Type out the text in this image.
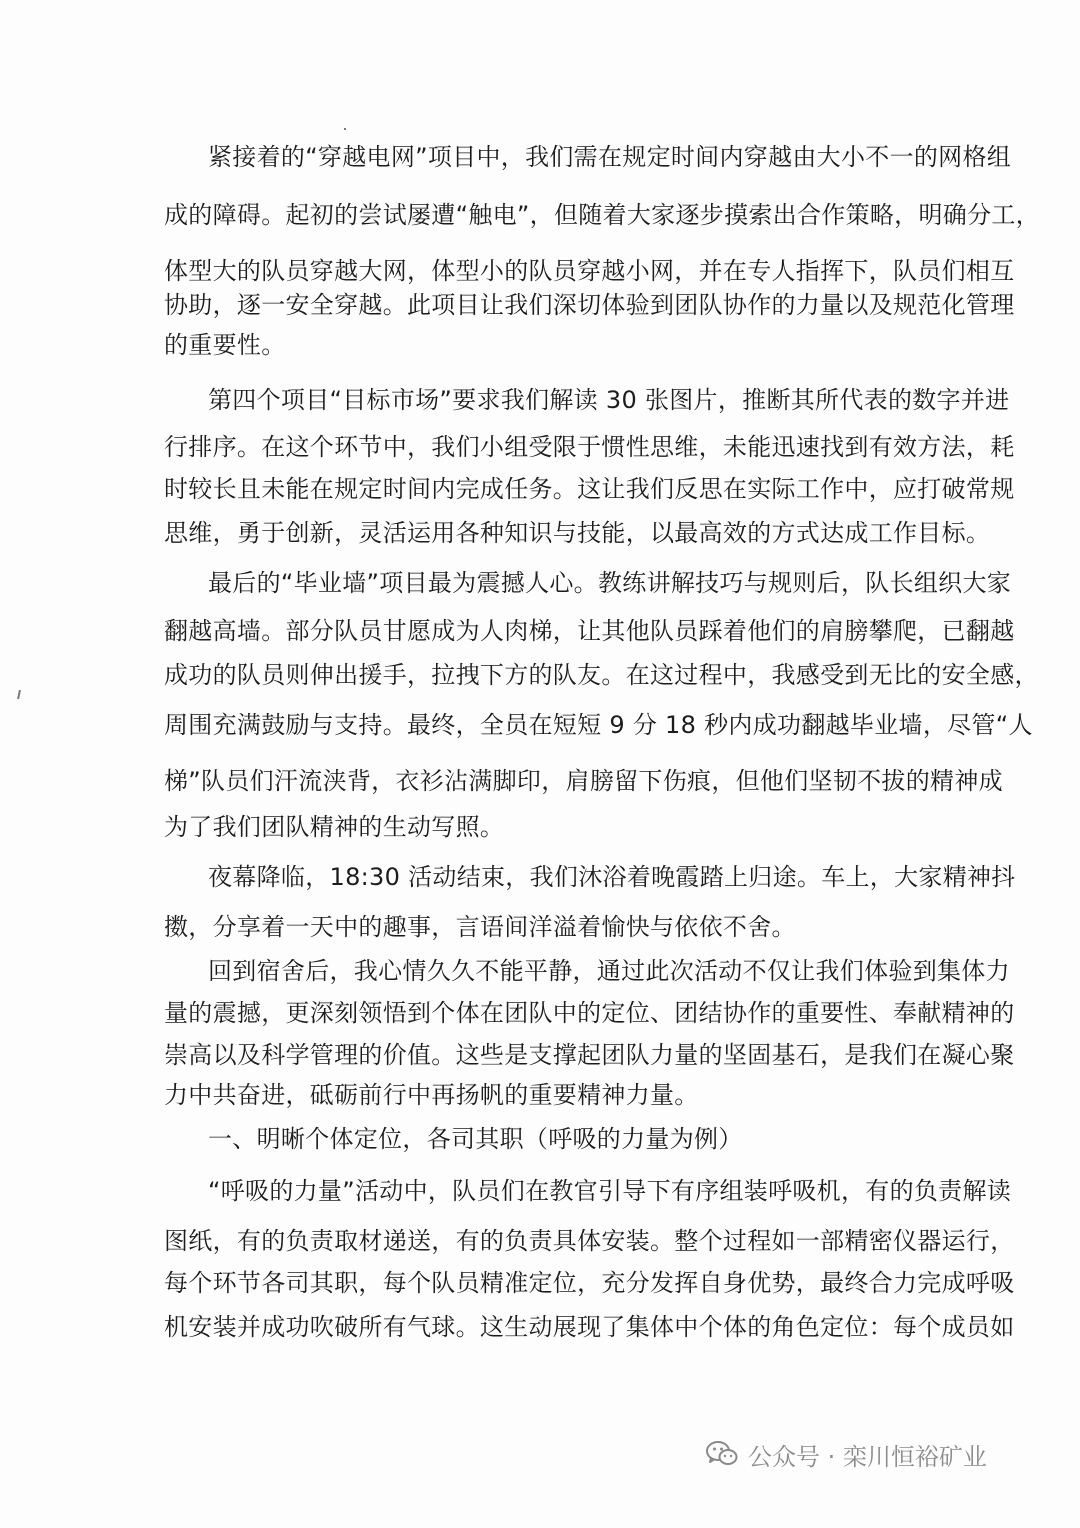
紧接着的“穿越电网”项目中，我们需在规定时间内穿越由大小不一的网格组
成的障碍。起初的尝试屡遭“触电”，但随着大家逐步摸索出合作策略，明确分工，
体型大的队员穿越大网，体型小的队员穿越小网，并在专人指挥下，队员们相互
协助，逐一安全穿越。此项目让我们深切体验到团队协作的力量以及规范化管理
的重要性。
第四个项目“目标市场”要求我们解读 30 张图片，推断其所代表的数字并进
行排序。在这个环节中，我们小组受限于惯性思维，未能迅速找到有效方法，耗
时较长且未能在规定时间内完成任务。这让我们反思在实际工作中，应打破常规
思维，勇于创新，灵活运用各种知识与技能，以最高效的方式达成工作目标。
最后的“毕业墙”项目最为震撼人心。教练讲解技巧与规则后，队长组织大家
翻越高墙。部分队员甘愿成为人肉梯，让其他队员踩着他们的肩膀攀爬，已翻越
成功的队员则伸出援手，拉拽下方的队友。在这过程中，我感受到无比的安全感，
周围充满鼓励与支持。最终，全员在短短 9 分 18 秒内成功翻越毕业墙，尽管“人
梯”队员们汗流浃背，衣衫沾满脚印，肩膀留下伤痕，但他们坚韧不拔的精神成
为了我们团队精神的生动写照。
夜幕降临，18:30 活动结束，我们沐浴着晚霞踏上归途。车上，大家精神抖
擞，分享着一天中的趣事，言语间洋溢着愉快与依依不舍。
回到宿舍后，我心情久久不能平静，通过此次活动不仅让我们体验到集体力
量的震撼，更深刻领悟到个体在团队中的定位、团结协作的重要性、奉献精神的
崇高以及科学管理的价值。这些是支撑起团队力量的坚固基石，是我们在凝心聚
力中共奋进，砥砺前行中再扬帆的重要精神力量。
一、明晰个体定位，各司其职（呼吸的力量为例）
“呼吸的力量”活动中，队员们在教官引导下有序组装呼吸机，有的负责解读
图纸，有的负责取材递送，有的负责具体安装。整个过程如一部精密仪器运行，
每个环节各司其职，每个队员精准定位，充分发挥自身优势，最终合力完成呼吸
机安装并成功吹破所有气球。这生动展现了集体中个体的角色定位：每个成员如
公众号 · 栾川恒裕矿业
